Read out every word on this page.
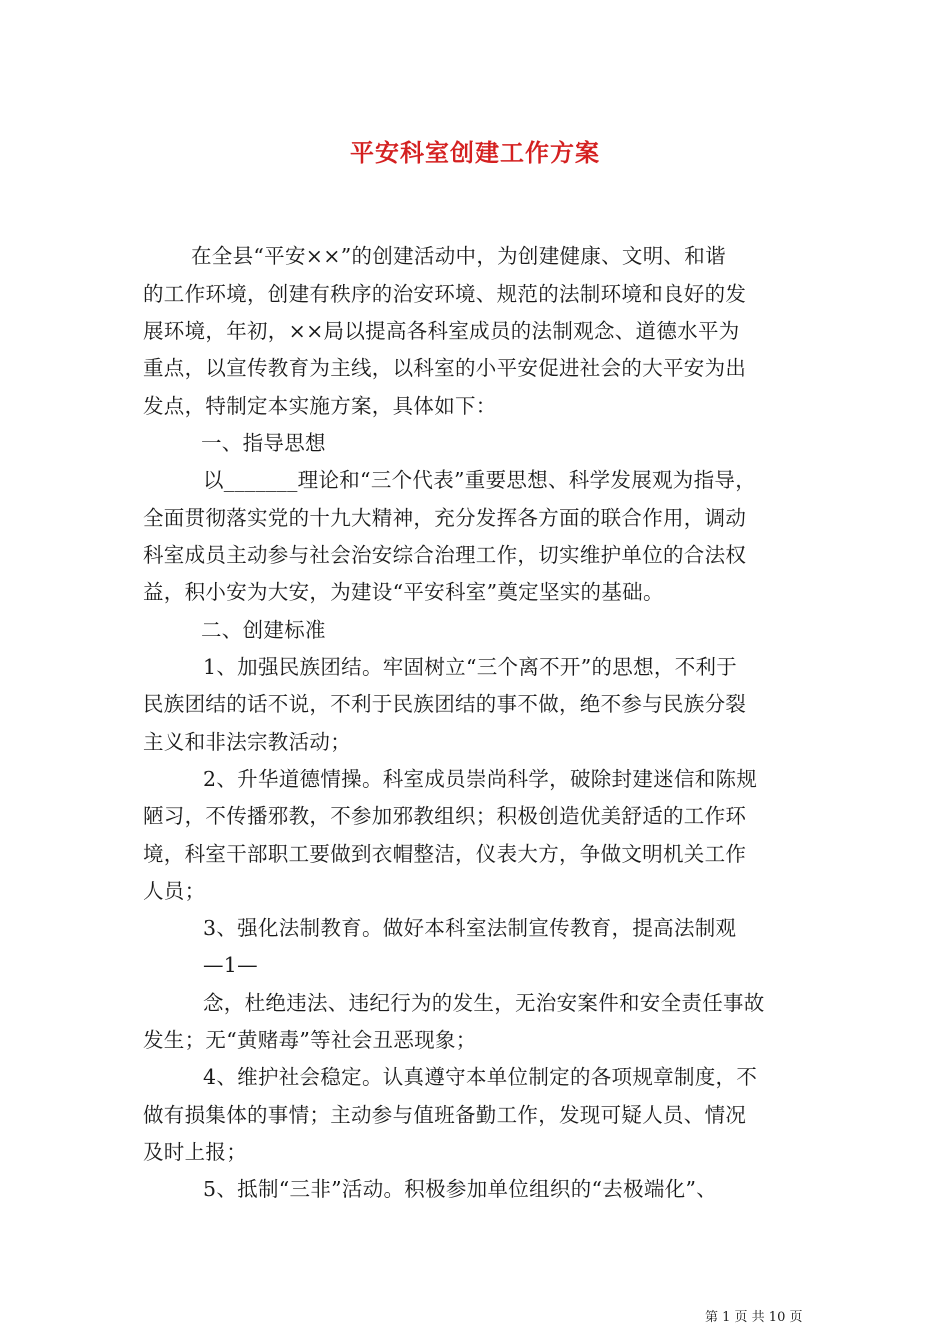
平安科室创建工作方案
在全县“平安××”的创建活动中，为创建健康、文明、和谐
的工作环境，创建有秩序的治安环境、规范的法制环境和良好的发
展环境，年初，××局以提高各科室成员的法制观念、道德水平为
重点，以宣传教育为主线，以科室的小平安促进社会的大平安为出
发点，特制定本实施方案，具体如下：
一、指导思想
以_______理论和“三个代表”重要思想、科学发展观为指导，
全面贯彻落实党的十九大精神，充分发挥各方面的联合作用，调动
科室成员主动参与社会治安综合治理工作，切实维护单位的合法权
益，积小安为大安，为建设“平安科室”奠定坚实的基础。
二、创建标准
1、加强民族团结。牢固树立“三个离不开”的思想，不利于
民族团结的话不说，不利于民族团结的事不做，绝不参与民族分裂
主义和非法宗教活动；
2、升华道德情操。科室成员崇尚科学，破除封建迷信和陈规
陋习，不传播邪教，不参加邪教组织；积极创造优美舒适的工作环
境，科室干部职工要做到衣帽整洁，仪表大方，争做文明机关工作
人员；
3、强化法制教育。做好本科室法制宣传教育，提高法制观
—1—
念，杜绝违法、违纪行为的发生，无治安案件和安全责任事故
发生；无“黄赌毒”等社会丑恶现象；
4、维护社会稳定。认真遵守本单位制定的各项规章制度，不
做有损集体的事情；主动参与值班备勤工作，发现可疑人员、情况
及时上报；
5、抵制“三非”活动。积极参加单位组织的“去极端化”、
第 1 页 共 10 页
